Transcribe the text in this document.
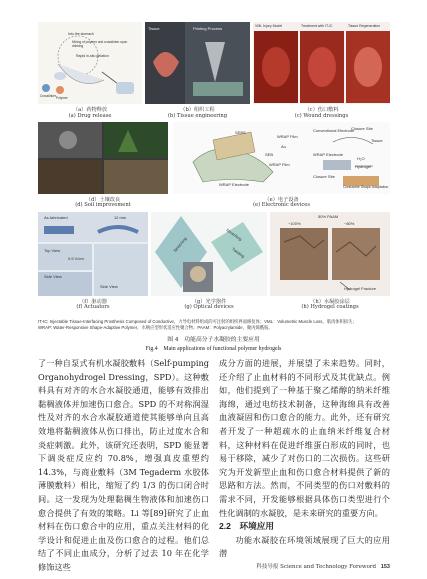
Into the stomach
Mixing of polymer and crosslinker upon drinking
Rapid in-situ gelation
Crosslinker Polymer
（a）药物释放
(a) Drug release
Tissue	Printing Process
（b）组织工程
(b) Tissue engineering
VML Injury Model	Treatment with IT-IC	Tissue Regeneration
（c）伤口敷料
(c) Wound dressings
（d）土壤改良
(d) Soil improvement
SEBS
WRAP Film
Au
SEB
WRAP Film
WRAP Electrode
Conventional Electrode
Closure Site
Tissue
WRAP Electrode
H₂O
Hydrogel
Closure Site
Contractile Shape Adaptation
（e）电子设备
(e) Electronic devices
As-fabricated	12 min
Top View
Side View
Side View
0.5 V/cm
（f）驱动器
(f) Actuators
Stretching
Stretching
Twisting
（g）光学器件
(g) Optical devices
50% PAAM
~100%	~80%
Hydrogel Fracture
（h）水凝胶涂层
(h) Hydrogel coatings
IT-IC: Injectable Tissue-Interfacing Prosthesis Composed of Conductive，力导电材料组成的可注射的组织界面修复体；VML：Volumetric Muscle Loss，肌肉体积损失；
WRAP: Water-Responsive Shape-Adaptive Polymer，水响应型形状适应性聚合物；PAAM：Polyacrylamide，聚丙烯酰胺。
图 4　功能高分子水凝胶的主要应用
Fig.4　Main applications of functional polymer hydrogels

了一种自泵式有机水凝胶敷料（Self-pumping Organohydrogel Dressing，SPD）。这种敷料具有对齐的水合水凝胶通道，能够有效排出黏稠液体并加速伤口愈合。SPD 的不对称润湿性及对齐的水合水凝胶通道使其能够单向且高效地将黏稠液体从伤口排出，防止过度水合和炎症刺激。此外，该研究还表明，SPD 能显著下调炎症反应约 70.8%，增强真皮重塑约 14.3%，与商业敷料（3M Tegaderm 水胶体薄膜敷料）相比，缩短了约 1/3 的伤口闭合时间。这一发现为处理黏稠生物液体和加速伤口愈合提供了有效的策略。Li 等[89]研究了止血材料在伤口愈合中的应用，重点关注材料的化学设计和促进止血及伤口愈合的过程。他们总结了不同止血成分，分析了过去 10 年在化学修饰这些

成分方面的进展，并展望了未来趋势。同时，还介绍了止血材料的不同形式及其优缺点。例如，他们提到了一种基于聚乙烯醇的纳米纤维海绵，通过电纺技术制备，这种海绵具有改善血液凝固和伤口愈合的能力。此外，还有研究者开发了一种超疏水的止血纳米纤维复合材料，这种材料在促进纤维蛋白形成的同时，也易于移除，减少了对伤口的二次损伤。这些研究为开发新型止血和伤口愈合材料提供了新的思路和方法。然而，不同类型的伤口对敷料的需求不同，开发能够根据具体伤口类型进行个性化调制的水凝胶，是未来研究的重要方向。

2.2　环境应用

功能水凝胶在环境领域展现了巨大的应用潜

科技导报 Science and Technology Foreword 153
